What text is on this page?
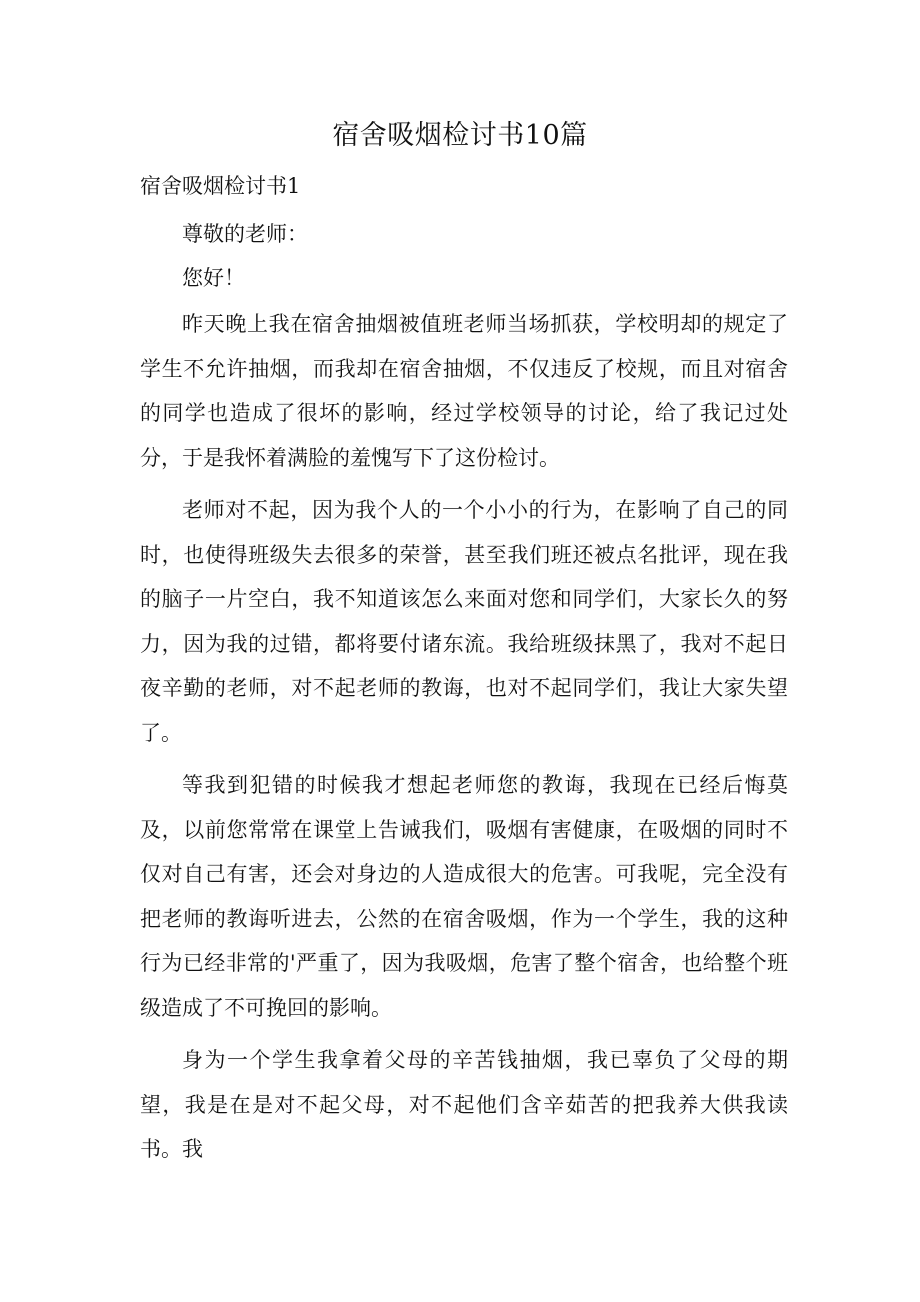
宿舍吸烟检讨书10篇
宿舍吸烟检讨书1

尊敬的老师：

您好！

昨天晚上我在宿舍抽烟被值班老师当场抓获，学校明却的规定了学生不允许抽烟，而我却在宿舍抽烟，不仅违反了校规，而且对宿舍的同学也造成了很坏的影响，经过学校领导的讨论，给了我记过处分，于是我怀着满脸的羞愧写下了这份检讨。

老师对不起，因为我个人的一个小小的行为，在影响了自己的同时，也使得班级失去很多的荣誉，甚至我们班还被点名批评，现在我的脑子一片空白，我不知道该怎么来面对您和同学们，大家长久的努力，因为我的过错，都将要付诸东流。我给班级抹黑了，我对不起日夜辛勤的老师，对不起老师的教诲，也对不起同学们，我让大家失望了。

等我到犯错的时候我才想起老师您的教诲，我现在已经后悔莫及，以前您常常在课堂上告诫我们，吸烟有害健康，在吸烟的同时不仅对自己有害，还会对身边的人造成很大的危害。可我呢，完全没有把老师的教诲听进去，公然的在宿舍吸烟，作为一个学生，我的这种行为已经非常的'严重了，因为我吸烟，危害了整个宿舍，也给整个班级造成了不可挽回的影响。

身为一个学生我拿着父母的辛苦钱抽烟，我已辜负了父母的期望，我是在是对不起父母，对不起他们含辛茹苦的把我养大供我读书。我
